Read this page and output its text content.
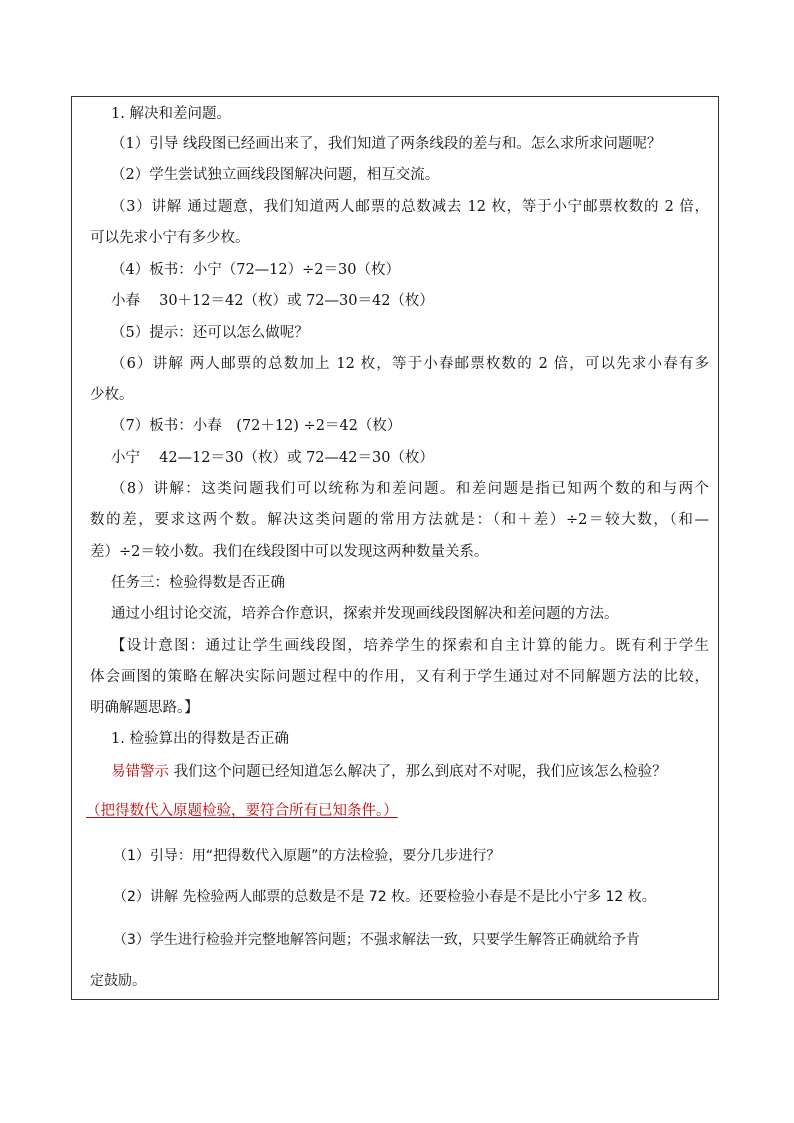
1. 解决和差问题。
（1）引导 线段图已经画出来了，我们知道了两条线段的差与和。怎么求所求问题呢？
（2）学生尝试独立画线段图解决问题，相互交流。
（3）讲解 通过题意，我们知道两人邮票的总数减去 12 枚，等于小宁邮票枚数的 2 倍，
可以先求小宁有多少枚。
（4）板书：小宁（72—12）÷2＝30（枚）
小春　 30＋12＝42（枚）或 72—30＝42（枚）
（5）提示：还可以怎么做呢？
（6）讲解 两人邮票的总数加上 12 枚，等于小春邮票枚数的 2 倍，可以先求小春有多
少枚。
（7）板书：小春　(72＋12) ÷2＝42（枚）
小宁　 42—12＝30（枚）或 72—42＝30（枚）
（8）讲解：这类问题我们可以统称为和差问题。和差问题是指已知两个数的和与两个
数的差，要求这两个数。解决这类问题的常用方法就是：（和＋差）÷2＝较大数，（和—
差）÷2＝较小数。我们在线段图中可以发现这两种数量关系。
任务三：检验得数是否正确
通过小组讨论交流，培养合作意识，探索并发现画线段图解决和差问题的方法。
【设计意图：通过让学生画线段图，培养学生的探索和自主计算的能力。既有利于学生
体会画图的策略在解决实际问题过程中的作用，又有利于学生通过对不同解题方法的比较，
明确解题思路。】
1. 检验算出的得数是否正确
易错警示 我们这个问题已经知道怎么解决了，那么到底对不对呢，我们应该怎么检验？
（把得数代入原题检验，要符合所有已知条件。）
（1）引导：用“把得数代入原题”的方法检验，要分几步进行？
（2）讲解 先检验两人邮票的总数是不是 72 枚。还要检验小春是不是比小宁多 12 枚。
（3）学生进行检验并完整地解答问题；不强求解法一致，只要学生解答正确就给予肯
定鼓励。
